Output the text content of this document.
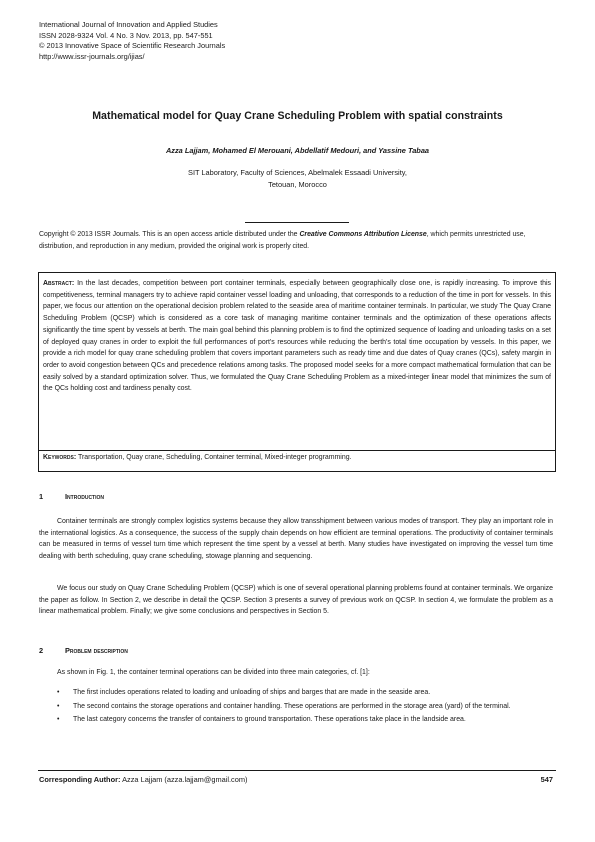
International Journal of Innovation and Applied Studies
ISSN 2028-9324 Vol. 4 No. 3 Nov. 2013, pp. 547-551
© 2013 Innovative Space of Scientific Research Journals
http://www.issr-journals.org/ijias/
Mathematical model for Quay Crane Scheduling Problem with spatial constraints
Azza Lajjam, Mohamed El Merouani, Abdellatif Medouri, and Yassine Tabaa
SIT Laboratory, Faculty of Sciences, Abelmalek Essaadi University,
Tetouan, Morocco
Copyright © 2013 ISSR Journals. This is an open access article distributed under the Creative Commons Attribution License, which permits unrestricted use, distribution, and reproduction in any medium, provided the original work is properly cited.
Abstract: In the last decades, competition between port container terminals, especially between geographically close one, is rapidly increasing. To improve this competitiveness, terminal managers try to achieve rapid container vessel loading and unloading, that corresponds to a reduction of the time in port for vessels. In this paper, we focus our attention on the operational decision problem related to the seaside area of maritime container terminals. In particular, we study The Quay Crane Scheduling Problem (QCSP) which is considered as a core task of managing maritime container terminals and the optimization of these operations affects significantly the time spent by vessels at berth. The main goal behind this planning problem is to find the optimized sequence of loading and unloading tasks on a set of deployed quay cranes in order to exploit the full performances of port's resources while reducing the berth's total time occupation by vessels. In this paper, we provide a rich model for quay crane scheduling problem that covers important parameters such as ready time and due dates of Quay cranes (QCs), safety margin in order to avoid congestion between QCs and precedence relations among tasks. The proposed model seeks for a more compact mathematical formulation that can be easily solved by a standard optimization solver. Thus, we formulated the Quay Crane Scheduling Problem as a mixed-integer linear model that minimizes the sum of the QCs holding cost and tardiness penalty cost.
Keywords: Transportation, Quay crane, Scheduling, Container terminal, Mixed-integer programming.
1	Introduction
Container terminals are strongly complex logistics systems because they allow transshipment between various modes of transport. They play an important role in the international logistics. As a consequence, the success of the supply chain depends on how efficient are terminal operations. The productivity of container terminals can be measured in terms of vessel turn time which represent the time spent by a vessel at berth. Many studies have investigated on improving the vessel turn time dealing with berth scheduling, quay crane scheduling, stowage planning and sequencing.
We focus our study on Quay Crane Scheduling Problem (QCSP) which is one of several operational planning problems found at container terminals. We organize the paper as follow. In Section 2, we describe in detail the QCSP. Section 3 presents a survey of previous work on QCSP. In section 4, we formulate the problem as a linear mathematical problem. Finally; we give some conclusions and perspectives in Section 5.
2	Problem description
As shown in Fig. 1, the container terminal operations can be divided into three main categories, cf. [1]:
• The first includes operations related to loading and unloading of ships and barges that are made in the seaside area.
• The second contains the storage operations and container handling. These operations are performed in the storage area (yard) of the terminal.
• The last category concerns the transfer of containers to ground transportation. These operations take place in the landside area.
Corresponding Author: Azza Lajjam (azza.lajjam@gmail.com)	547
